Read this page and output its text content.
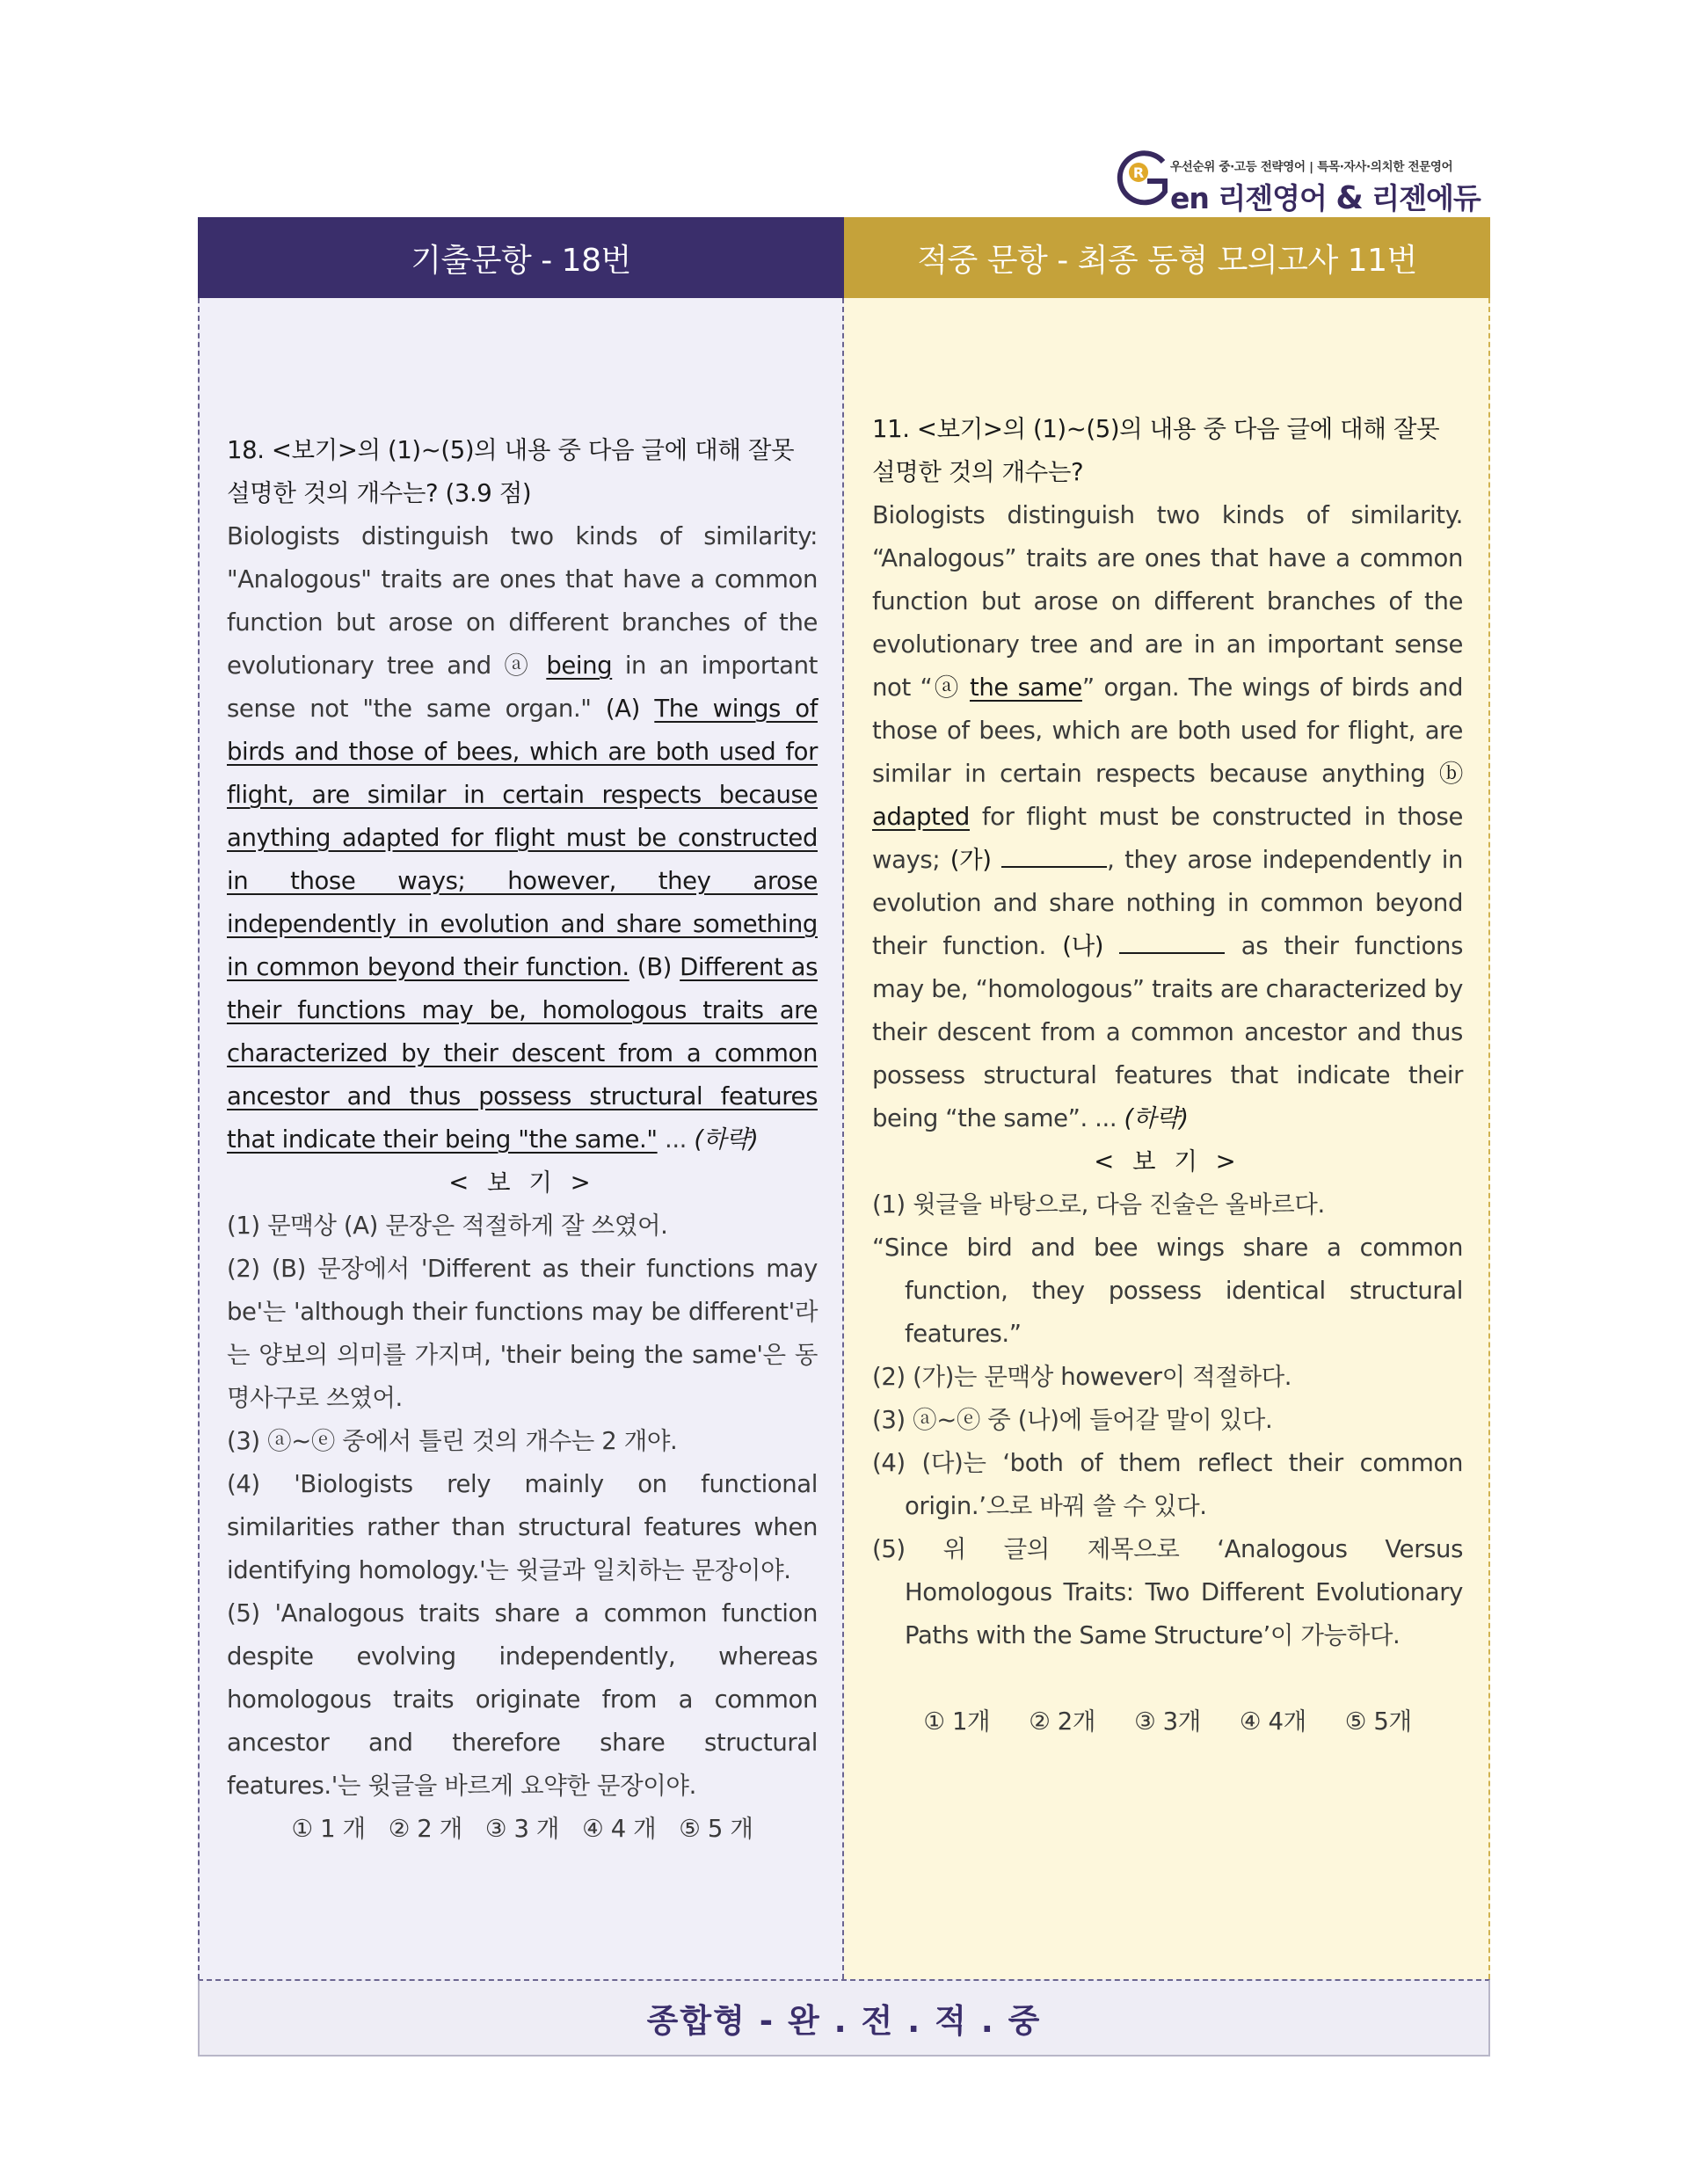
R 우선순위 중·고등 전략영어 | 특목·자사·의치한 전문영어
en 리젠영어 & 리젠에듀
기출문항 - 18번	적중 문항 - 최종 동형 모의고사 11번
종합형 - 완 . 전 . 적 . 중

18. <보기>의 (1)~(5)의 내용 중 다음 글에 대해 잘못
설명한 것의 개수는? (3.9 점)

Biologists distinguish two kinds of similarity: "Analogous" traits are ones that have a common function but arose on different branches of the evolutionary tree and ⓐ being in an important sense not "the same organ." (A) The wings of birds and those of bees, which are both used for flight, are similar in certain respects because anything adapted for flight must be constructed in those ways; however, they arose independently in evolution and share something in common beyond their function. (B) Different as their functions may be, homologous traits are characterized by their descent from a common ancestor and thus possess structural features that indicate their being "the same." ... (하략)

< 보 기 >

(1) 문맥상 (A) 문장은 적절하게 잘 쓰였어.

(2) (B) 문장에서 'Different as their functions may be'는 'although their functions may be different'라는 양보의 의미를 가지며, 'their being the same'은 동명사구로 쓰였어.

(3) ⓐ~ⓔ 중에서 틀린 것의 개수는 2 개야.

(4) 'Biologists rely mainly on functional similarities rather than structural features when identifying homology.'는 윗글과 일치하는 문장이야.

(5) 'Analogous traits share a common function despite evolving independently, whereas homologous traits originate from a common ancestor and therefore share structural features.'는 윗글을 바르게 요약한 문장이야.

① 1 개 ② 2 개 ③ 3 개 ④ 4 개 ⑤ 5 개

11. <보기>의 (1)~(5)의 내용 중 다음 글에 대해 잘못
설명한 것의 개수는?

Biologists distinguish two kinds of similarity. “Analogous” traits are ones that have a common function but arose on different branches of the evolutionary tree and are in an important sense not “ⓐ the same” organ. The wings of birds and those of bees, which are both used for flight, are similar in certain respects because anything ⓑ adapted for flight must be constructed in those ways; (가)	, they arose independently in evolution and share nothing in common beyond their function. (나)	as their functions may be, “homologous” traits are characterized by their descent from a common ancestor and thus possess structural features that indicate their being “the same”. ... (하략)

< 보 기 >

(1) 윗글을 바탕으로, 다음 진술은 올바르다.

“Since bird and bee wings share a common function, they possess identical structural features.”

(2) (가)는 문맥상 however이 적절하다.

(3) ⓐ~ⓔ 중 (나)에 들어갈 말이 있다.

(4) (다)는 ‘both of them reflect their common origin.’으로 바꿔 쓸 수 있다.

(5) 위 글의 제목으로 ‘Analogous Versus Homologous Traits: Two Different Evolutionary Paths with the Same Structure’이 가능하다.

① 1개 ② 2개 ③ 3개 ④ 4개 ⑤ 5개
